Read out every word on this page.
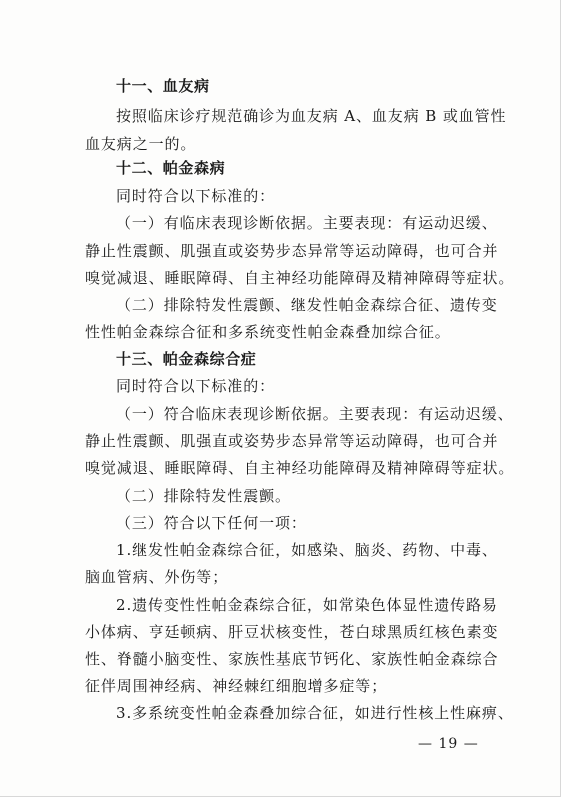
十一、血友病
按照临床诊疗规范确诊为血友病 A、血友病 B 或血管性
血友病之一的。
十二、帕金森病
同时符合以下标准的：
（一）有临床表现诊断依据。主要表现：有运动迟缓、
静止性震颤、肌强直或姿势步态异常等运动障碍，也可合并
嗅觉减退、睡眠障碍、自主神经功能障碍及精神障碍等症状。
（二）排除特发性震颤、继发性帕金森综合征、遗传变
性性帕金森综合征和多系统变性帕金森叠加综合征。
十三、帕金森综合症
同时符合以下标准的：
（一）符合临床表现诊断依据。主要表现：有运动迟缓、
静止性震颤、肌强直或姿势步态异常等运动障碍，也可合并
嗅觉减退、睡眠障碍、自主神经功能障碍及精神障碍等症状。
（二）排除特发性震颤。
（三）符合以下任何一项：
1.继发性帕金森综合征，如感染、脑炎、药物、中毒、
脑血管病、外伤等；
2.遗传变性性帕金森综合征，如常染色体显性遗传路易
小体病、亨廷顿病、肝豆状核变性，苍白球黑质红核色素变
性、脊髓小脑变性、家族性基底节钙化、家族性帕金森综合
征伴周围神经病、神经棘红细胞增多症等；
3.多系统变性帕金森叠加综合征，如进行性核上性麻痹、
— 19 —
